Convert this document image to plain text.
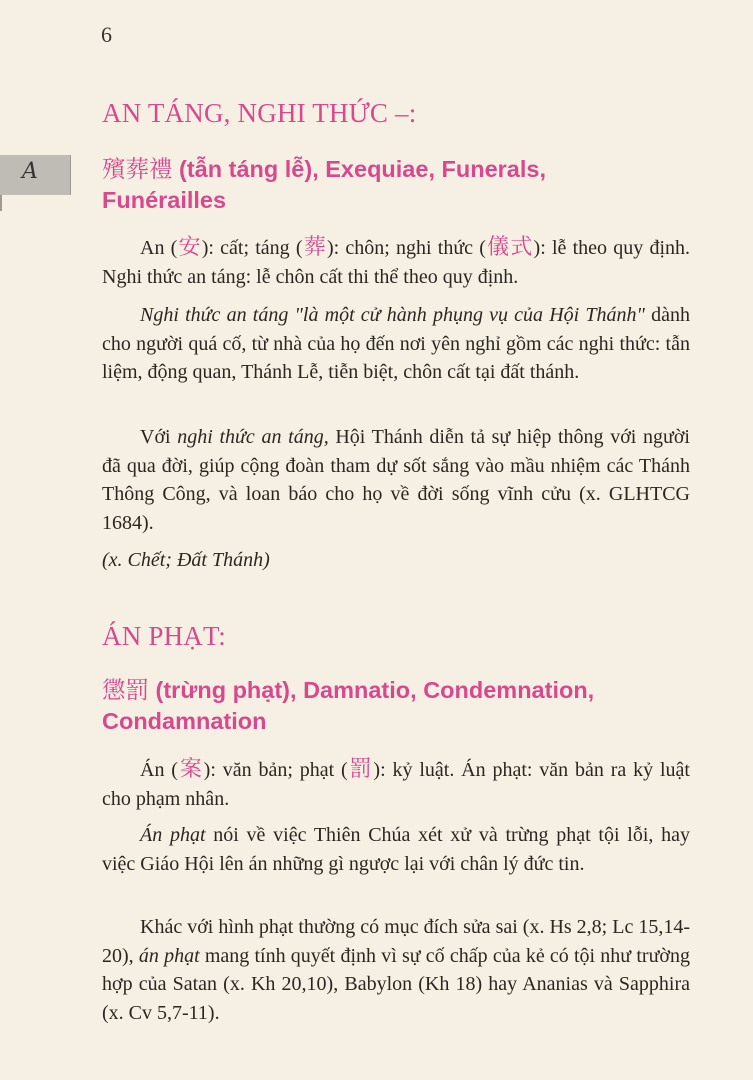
6
A
AN TÁNG, NGHI THỨC –:
殯葬禮 (tẫn táng lễ), Exequiae, Funerals, Funérailles

An (安): cất; táng (葬): chôn; nghi thức (儀式): lễ theo quy định. Nghi thức an táng: lễ chôn cất thi thể theo quy định.

Nghi thức an táng "là một cử hành phụng vụ của Hội Thánh" dành cho người quá cố, từ nhà của họ đến nơi yên nghỉ gồm các nghi thức: tẫn liệm, động quan, Thánh Lễ, tiễn biệt, chôn cất tại đất thánh.

Với nghi thức an táng, Hội Thánh diễn tả sự hiệp thông với người đã qua đời, giúp cộng đoàn tham dự sốt sắng vào mầu nhiệm các Thánh Thông Công, và loan báo cho họ về đời sống vĩnh cửu (x. GLHTCG 1684).

(x. Chết; Đất Thánh)

ÁN PHẠT:
懲罰 (trừng phạt), Damnatio, Condemnation, Condamnation

Án (案): văn bản; phạt (罰): kỷ luật. Án phạt: văn bản ra kỷ luật cho phạm nhân.

Án phạt nói về việc Thiên Chúa xét xử và trừng phạt tội lỗi, hay việc Giáo Hội lên án những gì ngược lại với chân lý đức tin.

Khác với hình phạt thường có mục đích sửa sai (x. Hs 2,8; Lc 15,14-20), án phạt mang tính quyết định vì sự cố chấp của kẻ có tội như trường hợp của Satan (x. Kh 20,10), Babylon (Kh 18) hay Ananias và Sapphira (x. Cv 5,7-11).
